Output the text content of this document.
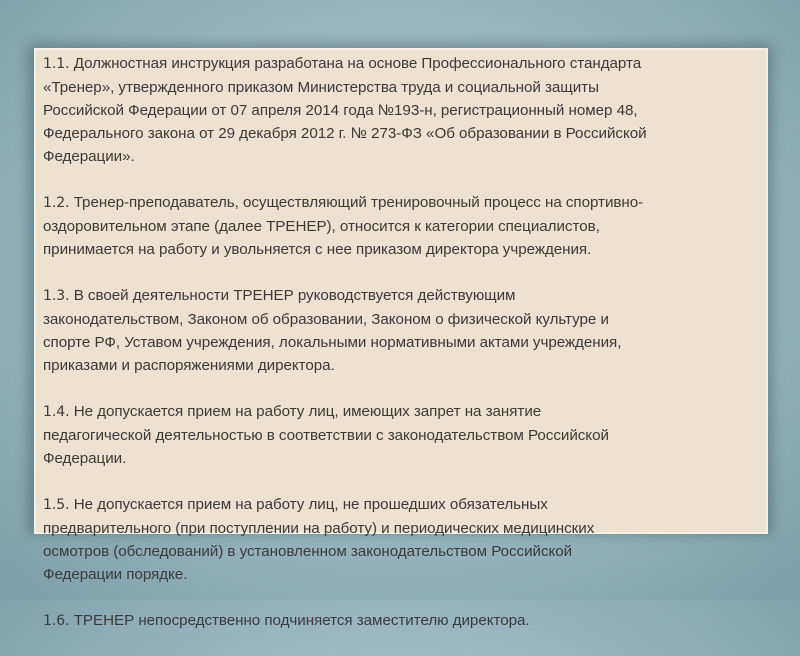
1.1. Должностная инструкция разработана на основе Профессионального стандарта
«Тренер», утвержденного приказом Министерства труда и социальной защиты
Российской Федерации от 07 апреля 2014 года №193-н, регистрационный номер 48,
Федерального закона от 29 декабря 2012 г. № 273-ФЗ «Об образовании в Российской
Федерации».
1.2. Тренер-преподаватель, осуществляющий тренировочный процесс на спортивно-
оздоровительном этапе (далее ТРЕНЕР), относится к категории специалистов,
принимается на работу и увольняется с нее приказом директора учреждения.
1.3. В своей деятельности ТРЕНЕР руководствуется действующим
законодательством, Законом об образовании, Законом о физической культуре и
спорте РФ, Уставом учреждения, локальными нормативными актами учреждения,
приказами и распоряжениями директора.
1.4. Не допускается прием на работу лиц, имеющих запрет на занятие
педагогической деятельностью в соответствии с законодательством Российской
Федерации.
1.5. Не допускается прием на работу лиц, не прошедших обязательных
предварительного (при поступлении на работу) и периодических медицинских
осмотров (обследований) в установленном законодательством Российской
Федерации порядке.
1.6. ТРЕНЕР непосредственно подчиняется заместителю директора.
